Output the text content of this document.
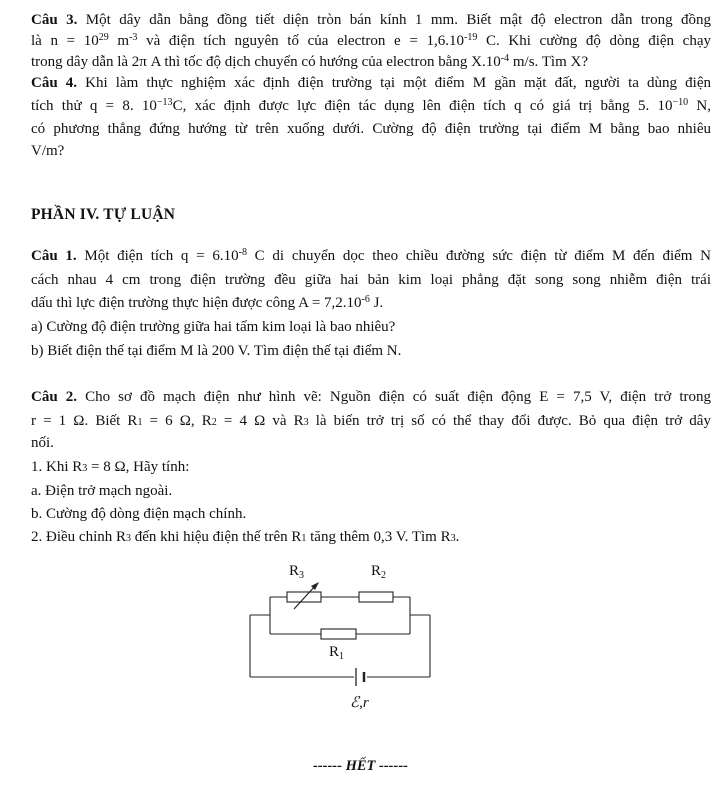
Câu 3. Một dây dẫn bằng đồng tiết diện tròn bán kính 1 mm. Biết mật độ electron dẫn trong đồng
là $n = 10^{29}$ $m^{-3}$ và điện tích nguyên tố của electron $e = 1,6.10^{-19}$ C. Khi cường độ dòng điện chạy
trong dây dẫn là 2π A thì tốc độ dịch chuyển có hướng của electron bằng $X.10^{-4}$ m/s. Tìm X?
Câu 4. Khi làm thực nghiệm xác định điện trường tại một điểm M gần mặt đất, người ta dùng điện
tích thử q = 8. $10^{-13}C$, xác định được lực điện tác dụng lên điện tích q có giá trị bằng 5. $10^{-10}$ N,
có phương thẳng đứng hướng từ trên xuống dưới. Cường độ điện trường tại điểm M bằng bao nhiêu
V/m?
PHẦN IV. TỰ LUẬN
Câu 1. Một điện tích $q = 6.10^{-8}$ C di chuyển dọc theo chiều đường sức điện từ điểm M đến điểm N
cách nhau 4 cm trong điện trường đều giữa hai bản kim loại phẳng đặt song song nhiễm điện trái
dấu thì lực điện trường thực hiện được công $A = 7,2.10^{-6}$ J.
a) Cường độ điện trường giữa hai tấm kim loại là bao nhiêu?
b) Biết điện thế tại điểm M là 200 V. Tìm điện thế tại điểm N.
Câu 2. Cho sơ đồ mạch điện như hình vẽ: Nguồn điện có suất điện động E = 7,5 V, điện trở trong
r = 1 Ω. Biết $R_1 = 6$ Ω, $R_2 = 4$ Ω và $R_3$ là biến trở trị số có thể thay đổi được. Bỏ qua điện trở dây
nối.
1. Khi $R_3 = 8$ Ω, Hãy tính:
a. Điện trở mạch ngoài.
b. Cường độ dòng điện mạch chính.
2. Điều chỉnh $R_3$ đến khi hiệu điện thế trên $R_1$ tăng thêm 0,3 V. Tìm $R_3$.
$R_3$	$R_2$
$R_1$
ℰ,r
------ HẾT ------
